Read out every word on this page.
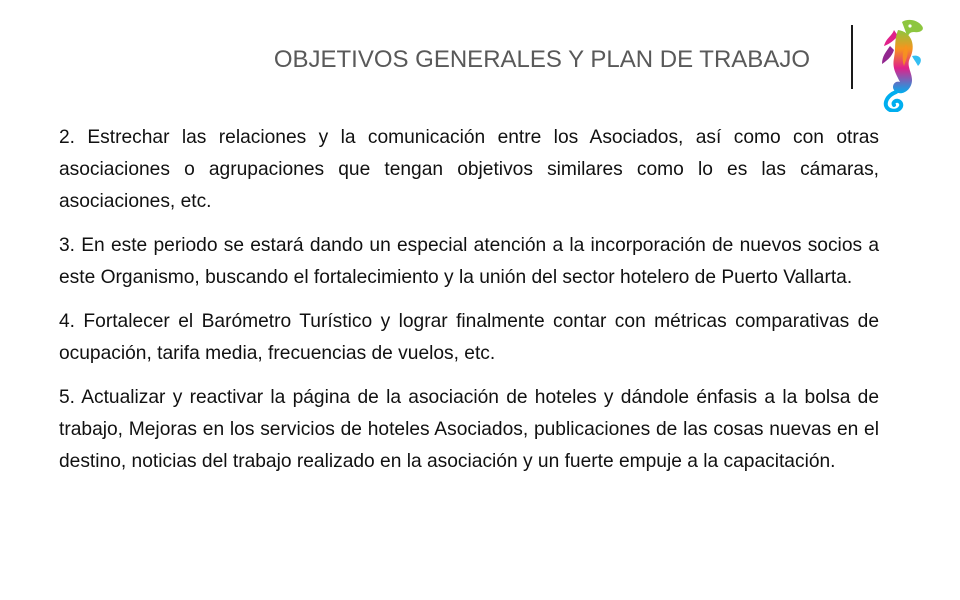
OBJETIVOS GENERALES Y PLAN DE TRABAJO

2. Estrechar las relaciones y la comunicación entre los Asociados, así como con otras asociaciones o agrupaciones que tengan objetivos similares como lo es las cámaras, asociaciones, etc.

3. En este periodo se estará dando un especial atención a la incorporación de nuevos socios a este Organismo, buscando el fortalecimiento y la unión del sector hotelero de Puerto Vallarta.

4. Fortalecer el Barómetro Turístico y lograr finalmente contar con métricas comparativas de ocupación, tarifa media, frecuencias de vuelos, etc.

5. Actualizar y reactivar la página de la asociación de hoteles y dándole énfasis a la bolsa de trabajo, Mejoras en los servicios de hoteles Asociados, publicaciones de las cosas nuevas en el destino, noticias del trabajo realizado en la asociación y un fuerte empuje a la capacitación.
